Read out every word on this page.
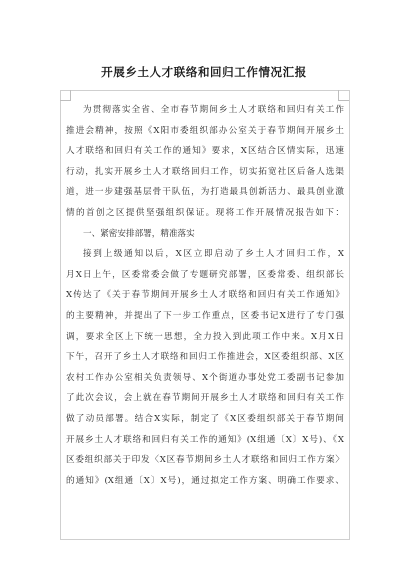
开展乡土人才联络和回归工作情况汇报
为贯彻落实全省、全市春节期间乡土人才联络和回归有关工作
推进会精神，按照《X阳市委组织部办公室关于春节期间开展乡土
人才联络和回归有关工作的通知》要求，X区结合区情实际，迅速
行动，扎实开展乡土人才联络回归工作，切实拓宽社区后备人选渠
道，进一步建强基层骨干队伍，为打造最具创新活力、最具创业激
情的首创之区提供坚强组织保证。现将工作开展情况报告如下：
一、紧密安排部署，精准落实
接到上级通知以后，X区立即启动了乡土人才回归工作，X
月X日上午，区委常委会做了专题研究部署，区委常委、组织部长
X传达了《关于春节期间开展乡土人才联络和回归有关工作通知》
的主要精神，并提出了下一步工作重点，区委书记X进行了专门强
调，要求全区上下统一思想，全力投入到此项工作中来。X月X日
下午，召开了乡土人才联络和回归工作推进会，X区委组织部、X区
农村工作办公室相关负责领导、X个街道办事处党工委副书记参加
了此次会议，会上就在春节期间开展乡土人才联络和回归有关工作
做了动员部署。结合X实际，制定了《X区委组织部关于春节期间
开展乡土人才联络和回归有关工作的通知》(X组通〔X〕X号)、《X
区委组织部关于印发〈X区春节期间乡土人才联络和回归工作方案〉
的通知》(X组通〔X〕X号)，通过拟定工作方案、明确工作要求、
